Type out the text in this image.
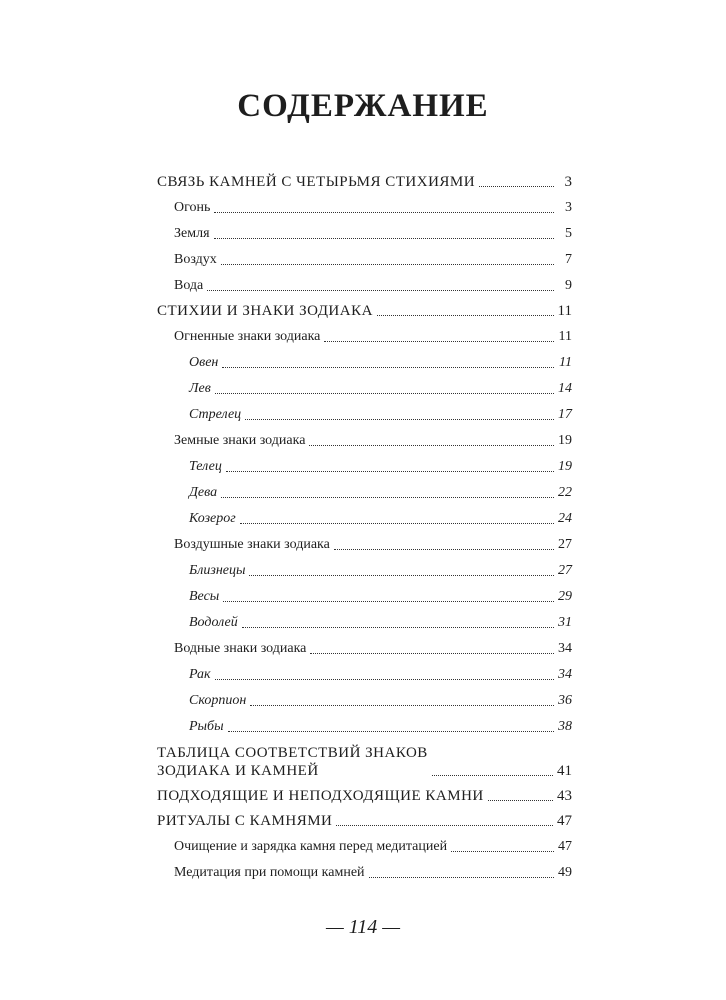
СОДЕРЖАНИЕ
СВЯЗЬ КАМНЕЙ С ЧЕТЫРЬМЯ СТИХИЯМИ	3
Огонь	3
Земля	5
Воздух	7
Вода	9
СТИХИИ И ЗНАКИ ЗОДИАКА	11
Огненные знаки зодиака	11
Овен	11
Лев	14
Стрелец	17
Земные знаки зодиака	19
Телец	19
Дева	22
Козерог	24
Воздушные знаки зодиака	27
Близнецы	27
Весы	29
Водолей	31
Водные знаки зодиака	34
Рак	34
Скорпион	36
Рыбы	38
ТАБЛИЦА СООТВЕТСТВИЙ ЗНАКОВ
ЗОДИАКА И КАМНЕЙ	41
ПОДХОДЯЩИЕ И НЕПОДХОДЯЩИЕ КАМНИ	43
РИТУАЛЫ С КАМНЯМИ	47
Очищение и зарядка камня перед медитацией	47
Медитация при помощи камней	49
— 114 —
